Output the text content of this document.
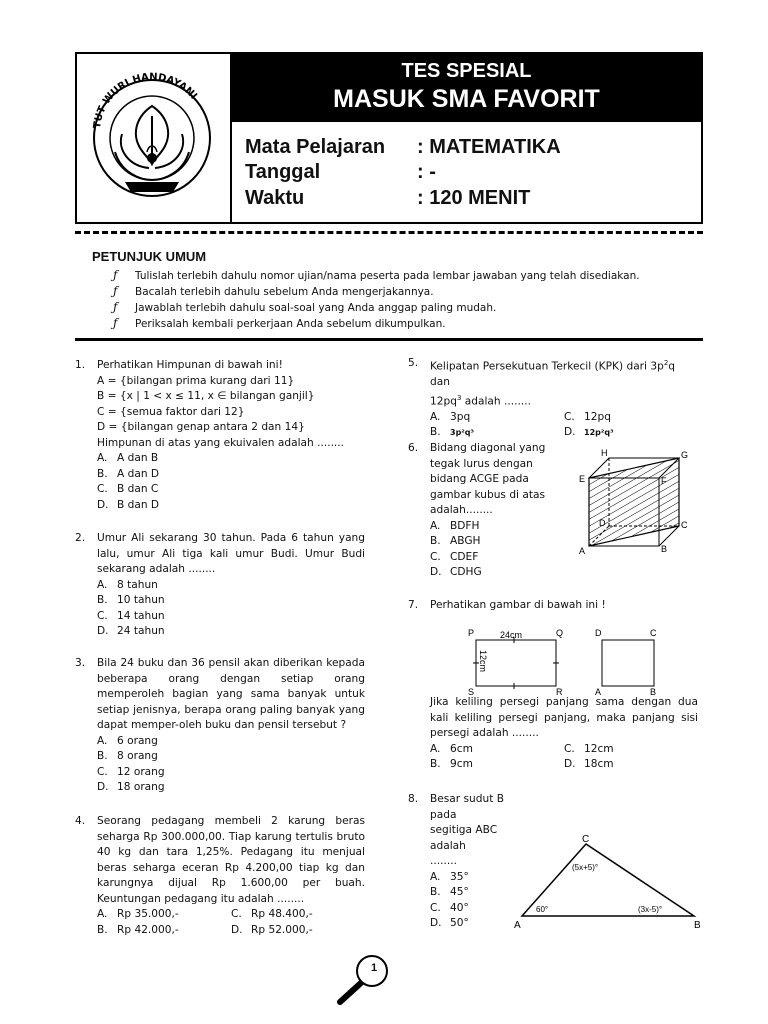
TUT WURI HANDAYANI
TES SPESIAL
MASUK SMA FAVORIT
Mata Pelajaran : MATEMATIKA
Tanggal	: -
Waktu	: 120 MENIT
PETUNJUK UMUM
ƒ Tulislah terlebih dahulu nomor ujian/nama peserta pada lembar jawaban yang telah disediakan.
ƒ Bacalah terlebih dahulu sebelum Anda mengerjakannya.
ƒ Jawablah terlebih dahulu soal-soal yang Anda anggap paling mudah.
ƒ Periksalah kembali perkerjaan Anda sebelum dikumpulkan.
1. Perhatikan Himpunan di bawah ini!
A = {bilangan prima kurang dari 11}
B = {x | 1 < x ≤ 11, x ∈ bilangan ganjil}
C = {semua faktor dari 12}
D = {bilangan genap antara 2 dan 14}
Himpunan di atas yang ekuivalen adalah ........
A. A dan B
B. A dan D
C. B dan C
D. B dan D
2. Umur Ali sekarang 30 tahun. Pada 6 tahun yang lalu, umur Ali tiga kali umur Budi. Umur Budi sekarang adalah ........
A. 8 tahun
B. 10 tahun
C. 14 tahun
D. 24 tahun
3. Bila 24 buku dan 36 pensil akan diberikan kepada beberapa orang dengan setiap orang memperoleh bagian yang sama banyak untuk setiap jenisnya, berapa orang paling banyak yang dapat memper-oleh buku dan pensil tersebut ?
A. 6 orang
B. 8 orang
C. 12 orang
D. 18 orang
4. Seorang pedagang membeli 2 karung beras seharga Rp 300.000,00. Tiap karung tertulis bruto 40 kg dan tara 1,25%. Pedagang itu menjual beras seharga eceran Rp 4.200,00 tiap kg dan karungnya dijual Rp 1.600,00 per buah. Keuntungan pedagang itu adalah ........
A. Rp 35.000,-	C. Rp 48.400,-
B. Rp 42.000,-	D. Rp 52.000,-
5. Kelipatan Persekutuan Terkecil (KPK) dari $3p^2q$ dan
$12pq^3$ adalah ........
A. 3pq	C. 12pq
B.	3p²q³	D.	12p²q³
6. Bidang diagonal yang
tegak lurus dengan
bidang ACGE pada
gambar kubus di atas
adalah........
A. BDFH
B. ABGH
C. CDEF
D. CDHG
H	G
E	F
D	C
A	B
7. Perhatikan gambar di bawah ini !
P	Q
S	R
24cm
12cm
D	C
A	B
Jika keliling persegi panjang sama dengan dua kali keliling persegi panjang, maka panjang sisi persegi adalah ........
A. 6cm	C. 12cm
B. 9cm	D. 18cm
8. Besar sudut B pada
segitiga ABC adalah
........
A. 35°
B. 45°
C. 40°
D. 50°	A	B
C
60°	(3x-5)°
(5x+5)°
1
